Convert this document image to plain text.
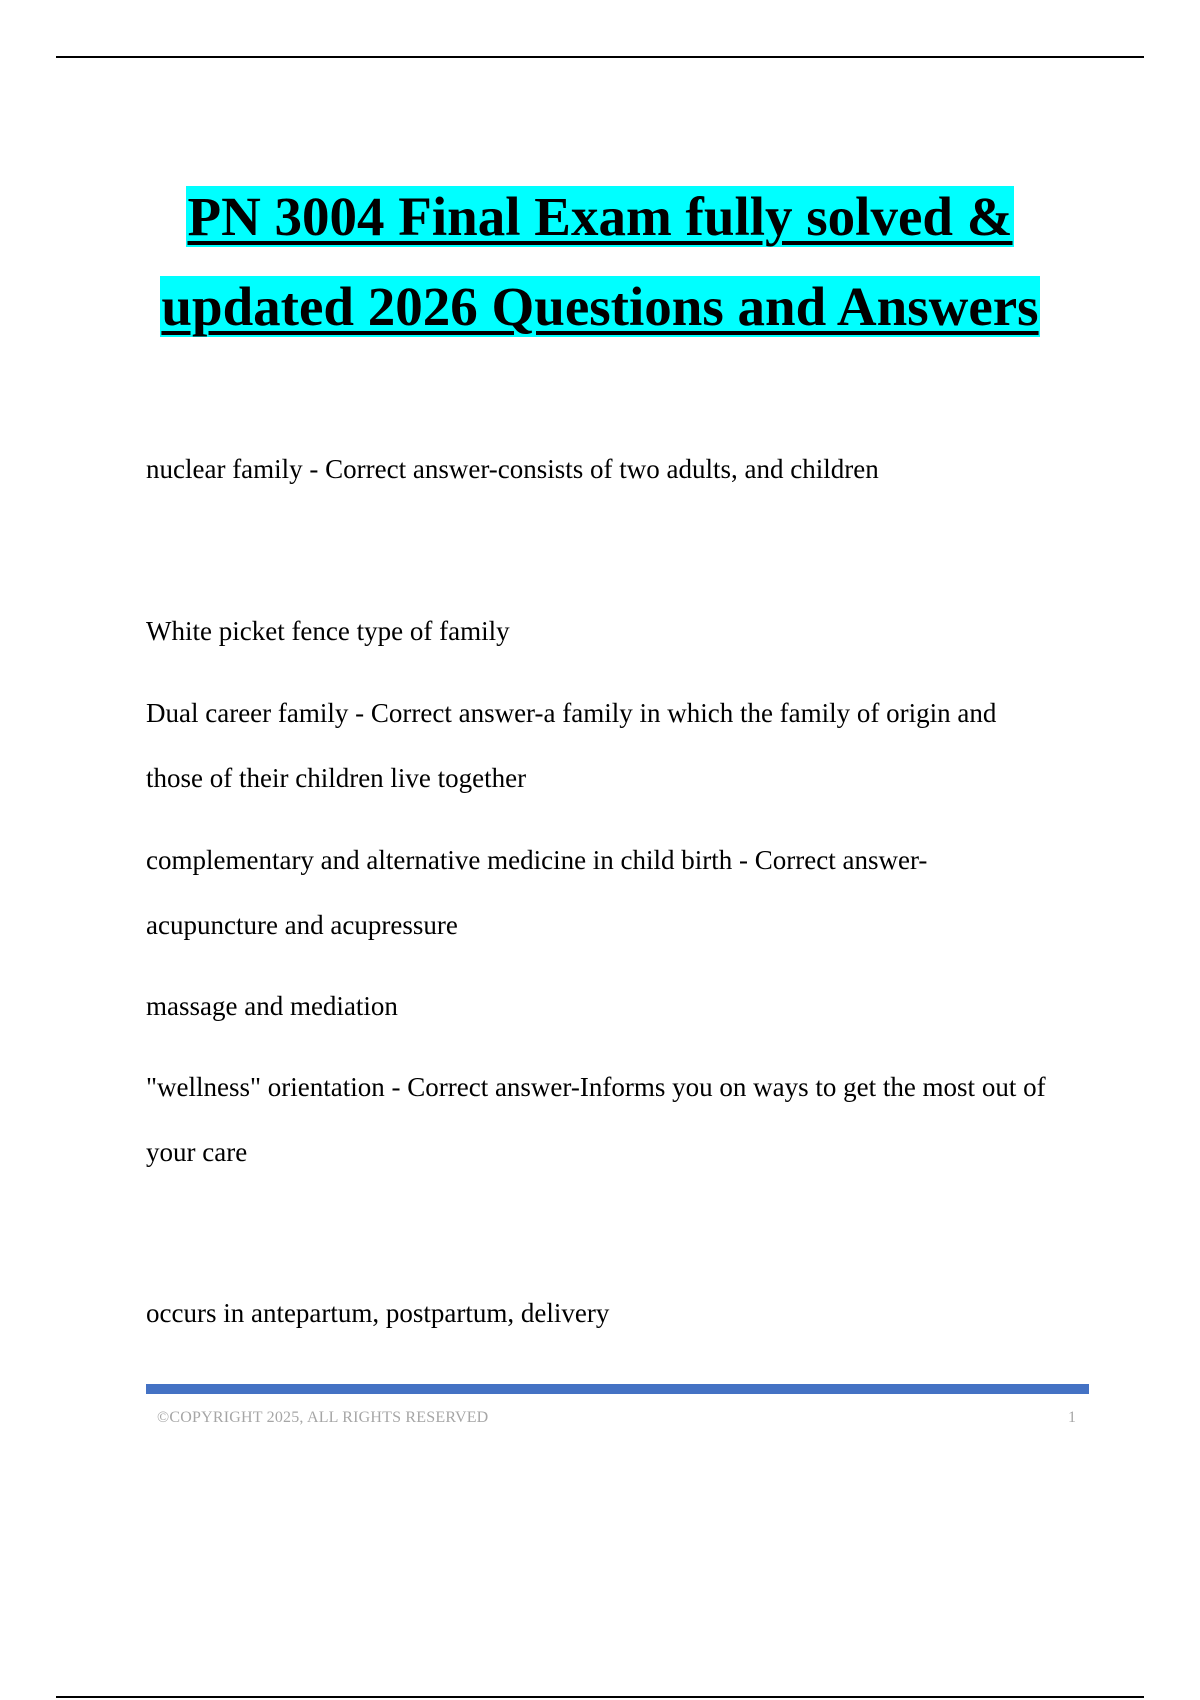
PN 3004 Final Exam fully solved &
updated 2026 Questions and Answers

nuclear family - Correct answer-consists of two adults, and children

White picket fence type of family

Dual career family - Correct answer-a family in which the family of origin and
those of their children live together

complementary and alternative medicine in child birth - Correct answer-
acupuncture and acupressure

massage and mediation

"wellness" orientation - Correct answer-Informs you on ways to get the most out of
your care

occurs in antepartum, postpartum, delivery

©COPYRIGHT 2025, ALL RIGHTS RESERVED	1
